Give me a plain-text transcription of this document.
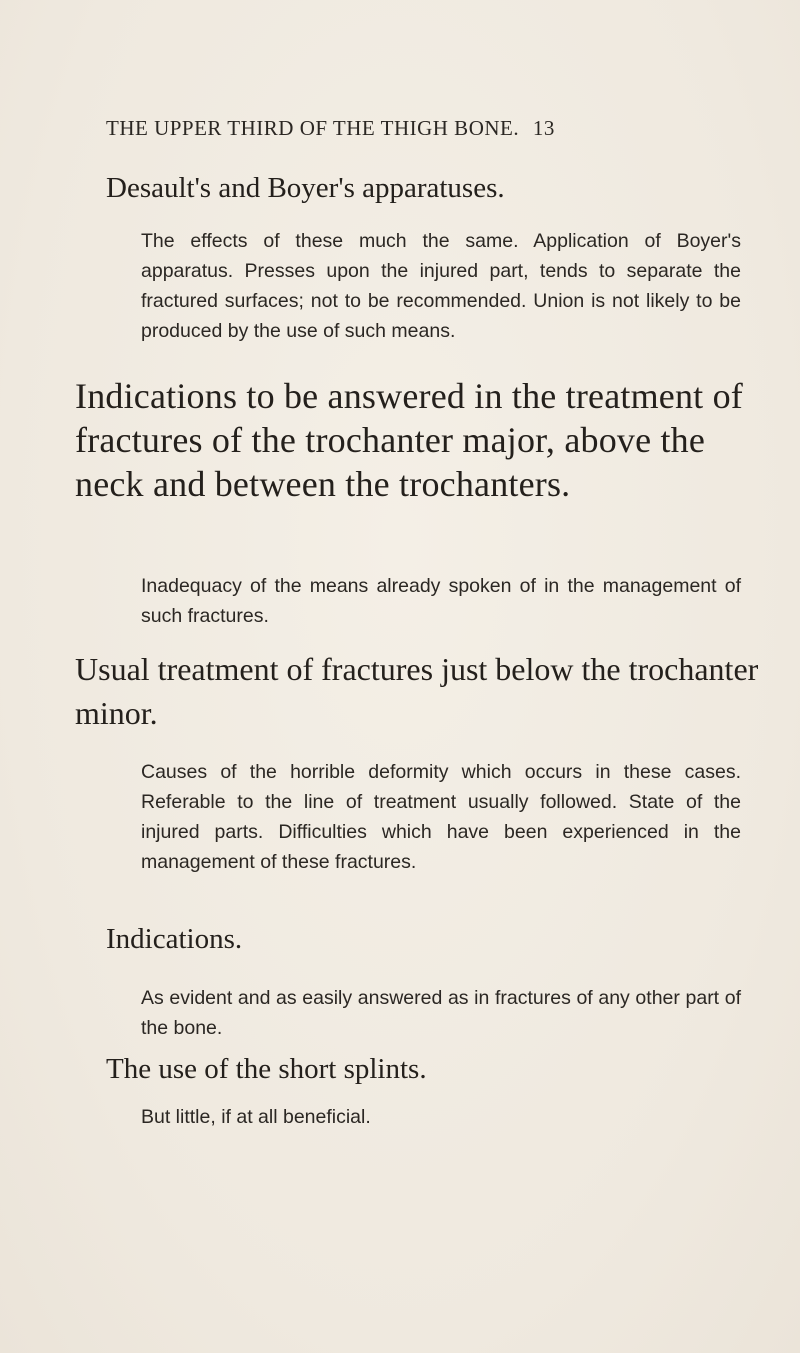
THE UPPER THIRD OF THE THIGH BONE. 13
Desault's and Boyer's apparatuses.
The effects of these much the same. Application of Boyer's apparatus. Presses upon the injured part, tends to separate the fractured surfaces; not to be recommended. Union is not likely to be produced by the use of such means.
Indications to be answered in the treatment of fractures of the trochanter major, above the neck and between the trochanters.
Inadequacy of the means already spoken of in the management of such fractures.
Usual treatment of fractures just below the trochanter minor.
Causes of the horrible deformity which occurs in these cases. Referable to the line of treatment usually followed. State of the injured parts. Difficulties which have been experienced in the management of these fractures.
Indications.
As evident and as easily answered as in fractures of any other part of the bone.
The use of the short splints.
But little, if at all beneficial.
